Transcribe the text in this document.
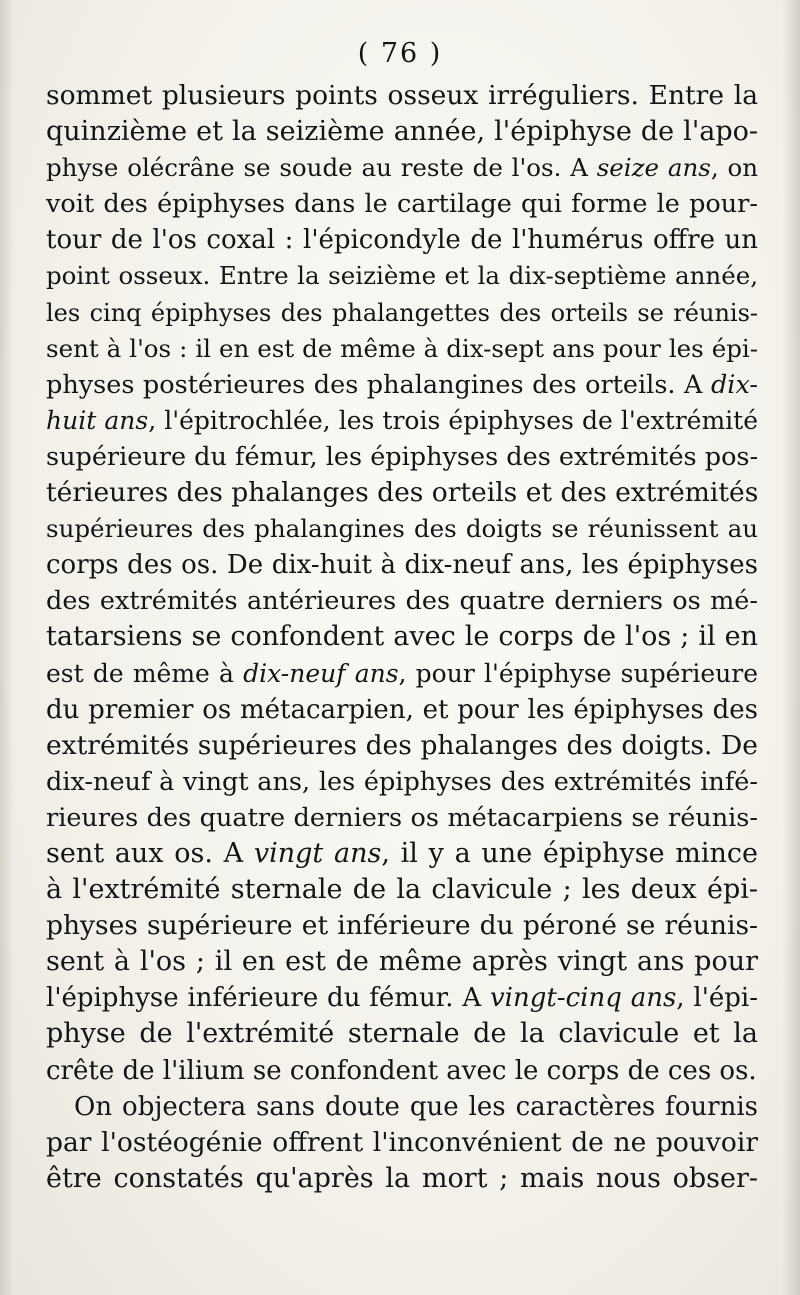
( 76 )
sommet plusieurs points osseux irréguliers. Entre la
quinzième et la seizième année, l'épiphyse de l'apo-
physe olécrâne se soude au reste de l'os. A seize ans, on
voit des épiphyses dans le cartilage qui forme le pour-
tour de l'os coxal : l'épicondyle de l'humérus offre un
point osseux. Entre la seizième et la dix-septième année,
les cinq épiphyses des phalangettes des orteils se réunis-
sent à l'os : il en est de même à dix-sept ans pour les épi-
physes postérieures des phalangines des orteils. A dix-
huit ans, l'épitrochlée, les trois épiphyses de l'extrémité
supérieure du fémur, les épiphyses des extrémités pos-
térieures des phalanges des orteils et des extrémités
supérieures des phalangines des doigts se réunissent au
corps des os. De dix-huit à dix-neuf ans, les épiphyses
des extrémités antérieures des quatre derniers os mé-
tatarsiens se confondent avec le corps de l'os ; il en
est de même à dix-neuf ans, pour l'épiphyse supérieure
du premier os métacarpien, et pour les épiphyses des
extrémités supérieures des phalanges des doigts. De
dix-neuf à vingt ans, les épiphyses des extrémités infé-
rieures des quatre derniers os métacarpiens se réunis-
sent aux os. A vingt ans, il y a une épiphyse mince
à l'extrémité sternale de la clavicule ; les deux épi-
physes supérieure et inférieure du péroné se réunis-
sent à l'os ; il en est de même après vingt ans pour
l'épiphyse inférieure du fémur. A vingt-cinq ans, l'épi-
physe de l'extrémité sternale de la clavicule et la
crête de l'ilium se confondent avec le corps de ces os.
On objectera sans doute que les caractères fournis
par l'ostéogénie offrent l'inconvénient de ne pouvoir
être constatés qu'après la mort ; mais nous obser-
